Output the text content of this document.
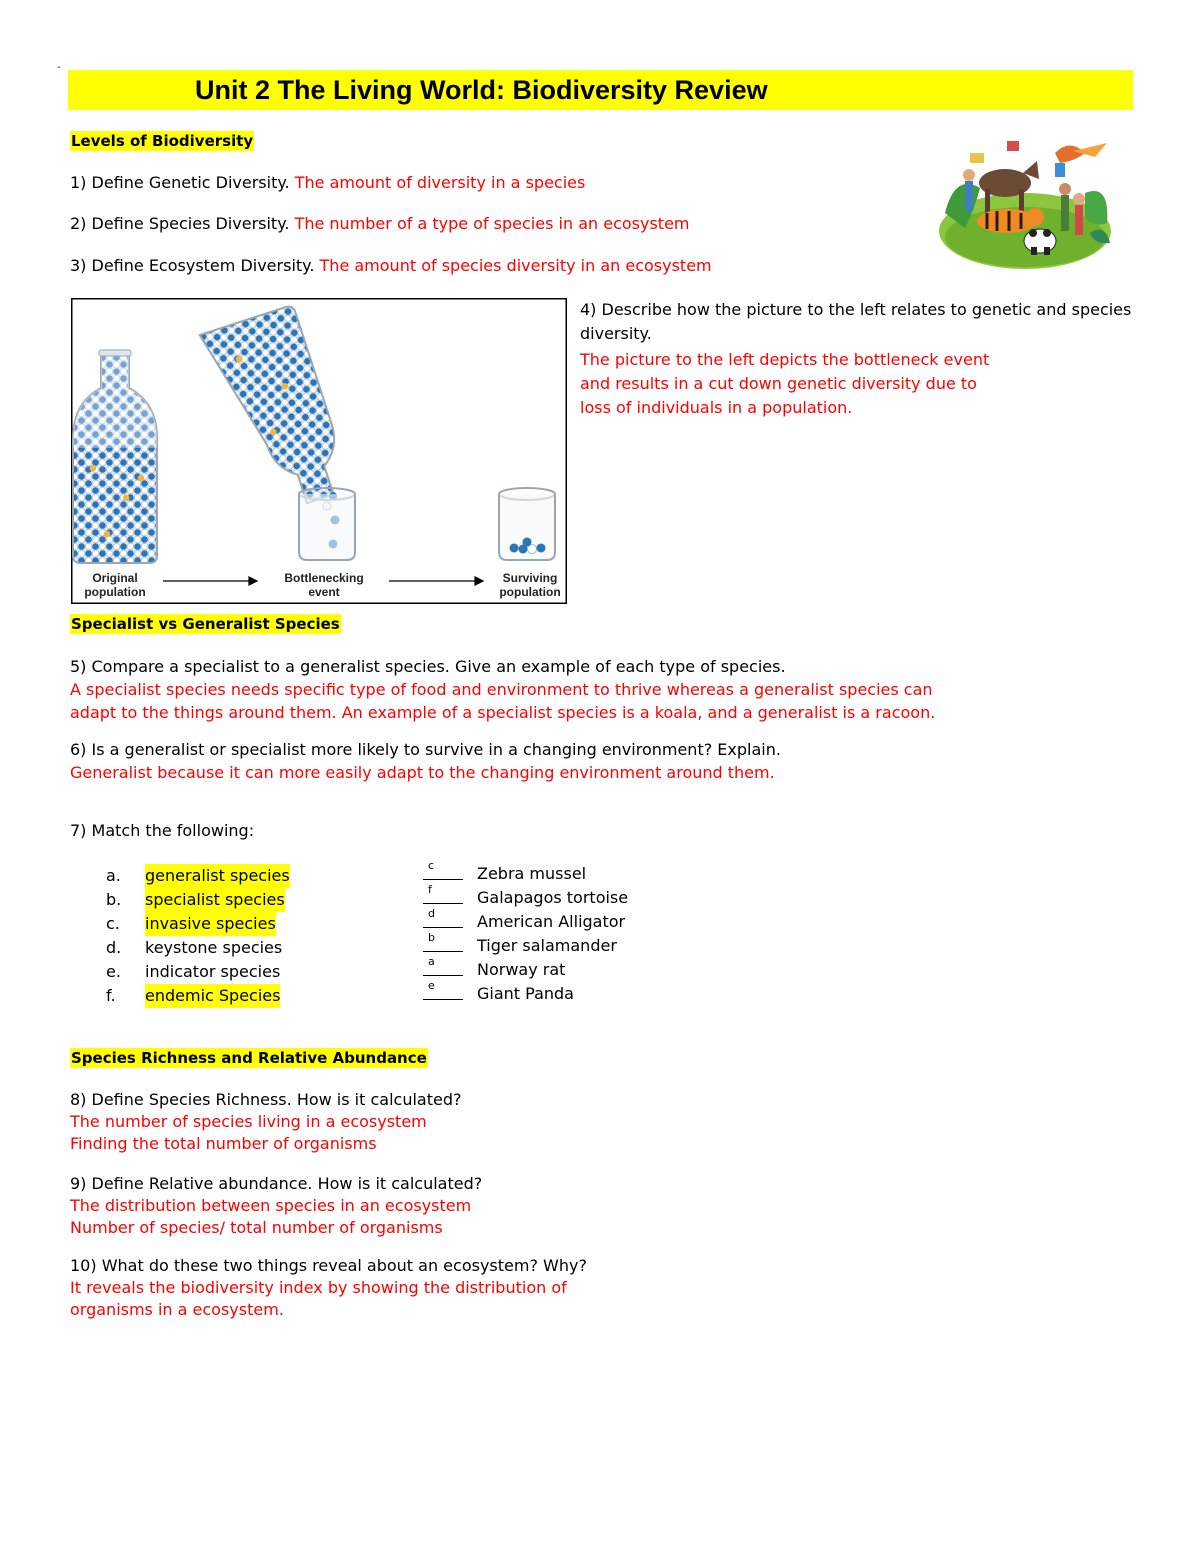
-
Unit 2 The Living World: Biodiversity Review
Levels of Biodiversity
1) Define Genetic Diversity. The amount of diversity in a species
2) Define Species Diversity. The number of a type of species in an ecosystem
3) Define Ecosystem Diversity. The amount of species diversity in an ecosystem
Original
population
Bottlenecking
event
Surviving
population
4) Describe how the picture to the left relates to genetic and species
diversity.
The picture to the left depicts the bottleneck event
and results in a cut down genetic diversity due to
loss of individuals in a population.
Specialist vs Generalist Species
5) Compare a specialist to a generalist species. Give an example of each type of species.
A specialist species needs specific type of food and environment to thrive whereas a generalist species can
adapt to the things around them. An example of a specialist species is a koala, and a generalist is a racoon.
6) Is a generalist or specialist more likely to survive in a changing environment? Explain.
Generalist because it can more easily adapt to the changing environment around them.
7) Match the following:
a. generalist species
b. specialist species
c. invasive species
d. keystone species
e. indicator species
f. endemic Species
c	Zebra mussel
f	Galapagos tortoise
d	American Alligator
b	Tiger salamander
a	Norway rat
e	Giant Panda
Species Richness and Relative Abundance
8) Define Species Richness. How is it calculated?
The number of species living in a ecosystem
Finding the total number of organisms
9) Define Relative abundance. How is it calculated?
The distribution between species in an ecosystem
Number of species/ total number of organisms
10) What do these two things reveal about an ecosystem? Why?
It reveals the biodiversity index by showing the distribution of
organisms in a ecosystem.
